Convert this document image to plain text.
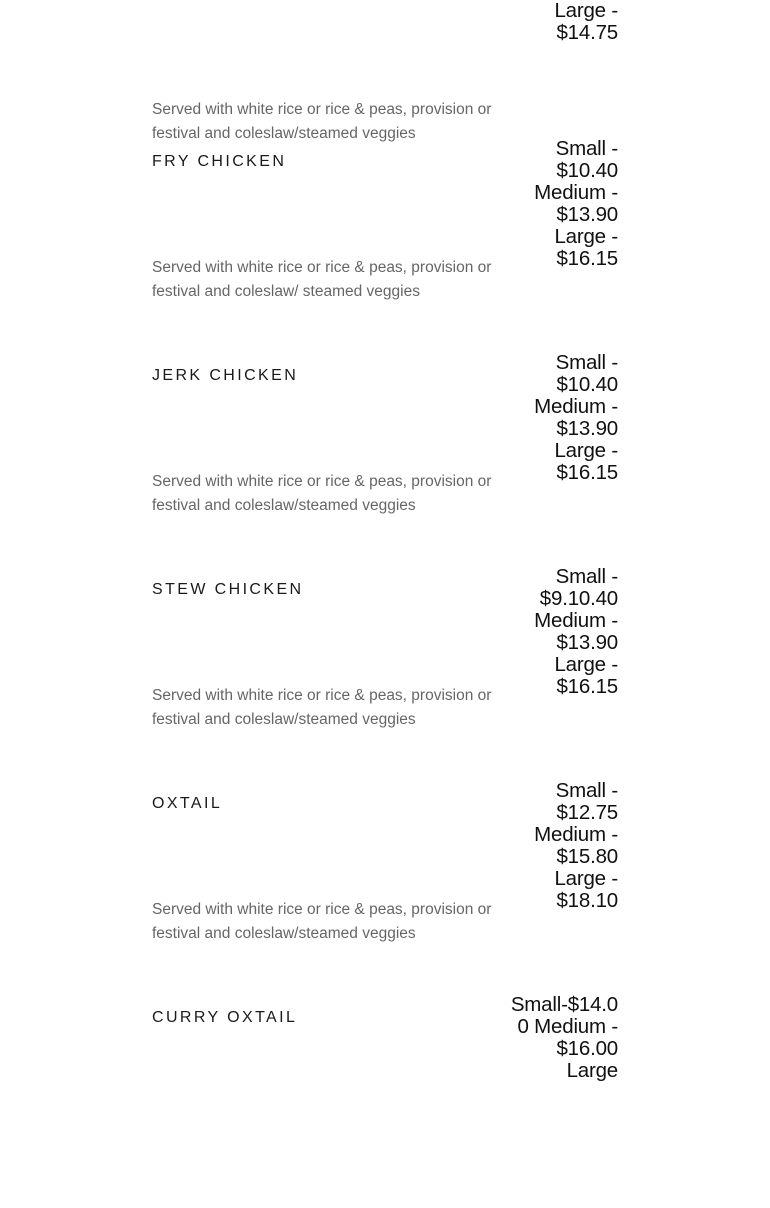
Large - $14.75
Served with white rice or rice & peas, provision or festival and coleslaw/steamed veggies
FRY CHICKEN
Small - $10.40 Medium - $13.90 Large - $16.15
Served with white rice or rice & peas, provision or festival and coleslaw/ steamed veggies
JERK CHICKEN
Small - $10.40 Medium - $13.90 Large - $16.15
Served with white rice or rice & peas, provision or festival and coleslaw/steamed veggies
STEW CHICKEN
Small - $9.10.40 Medium - $13.90 Large - $16.15
Served with white rice or rice & peas, provision or festival and coleslaw/steamed veggies
OXTAIL
Small - $12.75 Medium - $15.80 Large - $18.10
Served with white rice or rice & peas, provision or festival and coleslaw/steamed veggies
CURRY OXTAIL
Small-$14.00 Medium - $16.00 Large
